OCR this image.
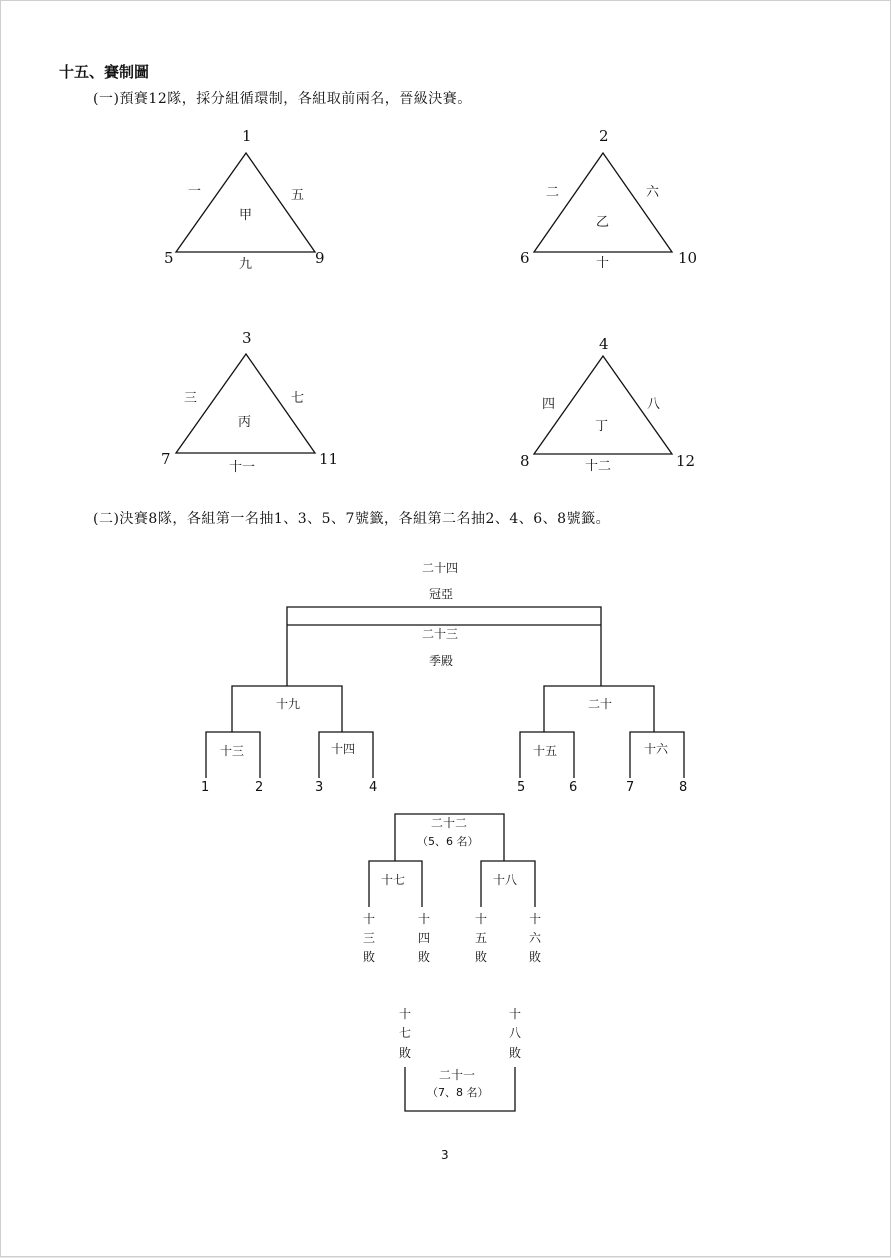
十五、賽制圖
(一)預賽12隊，採分組循環制，各組取前兩名，晉級決賽。
(二)決賽8隊，各組第一名抽1、3、5、7號籤，各組第二名抽2、4、6、8號籤。
1
5	9
一	五
甲
九
2
6	10
二	六
乙
十
3
7	11
三	七
丙
十一
4
8	12
四	八
丁
十二
二十四
冠亞
二十三
季殿
十九	二十
十三	十四	十五	十六
1	2	3	4	5	6	7	8
二十二
（5、6 名）
十七	十八
十
三
敗
十
四
敗
十
五
敗
十
六
敗
十
七
敗
十
八
敗
二十一
（7、8 名）
3
